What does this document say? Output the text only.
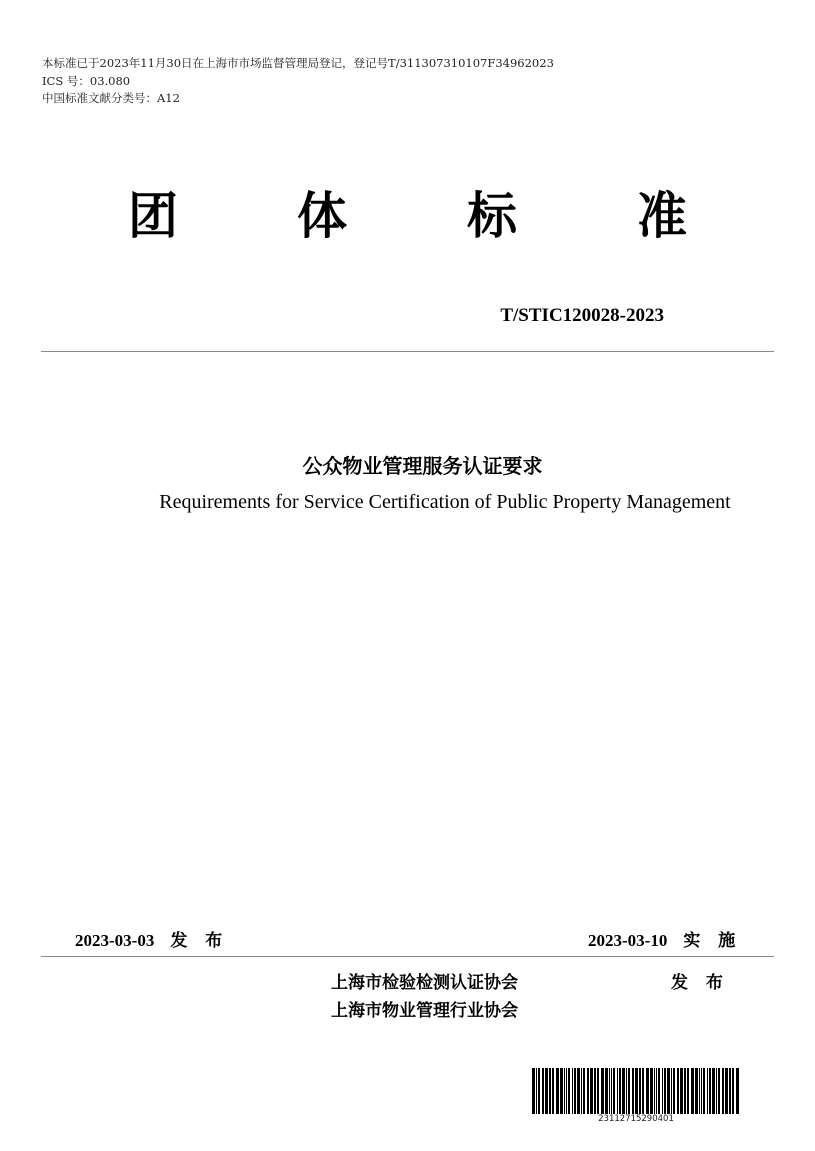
本标准已于2023年11月30日在上海市市场监督管理局登记，登记号T/311307310107F34962023
ICS 号：03.080
中国标准文献分类号：A12
团 体 标 准
T/STIC120028-2023
公众物业管理服务认证要求
Requirements for Service Certification of Public Property Management
2023-03-03 发 布	2023-03-10 实 施
上海市检验检测认证协会
上海市物业管理行业协会
发 布
23112715290401
